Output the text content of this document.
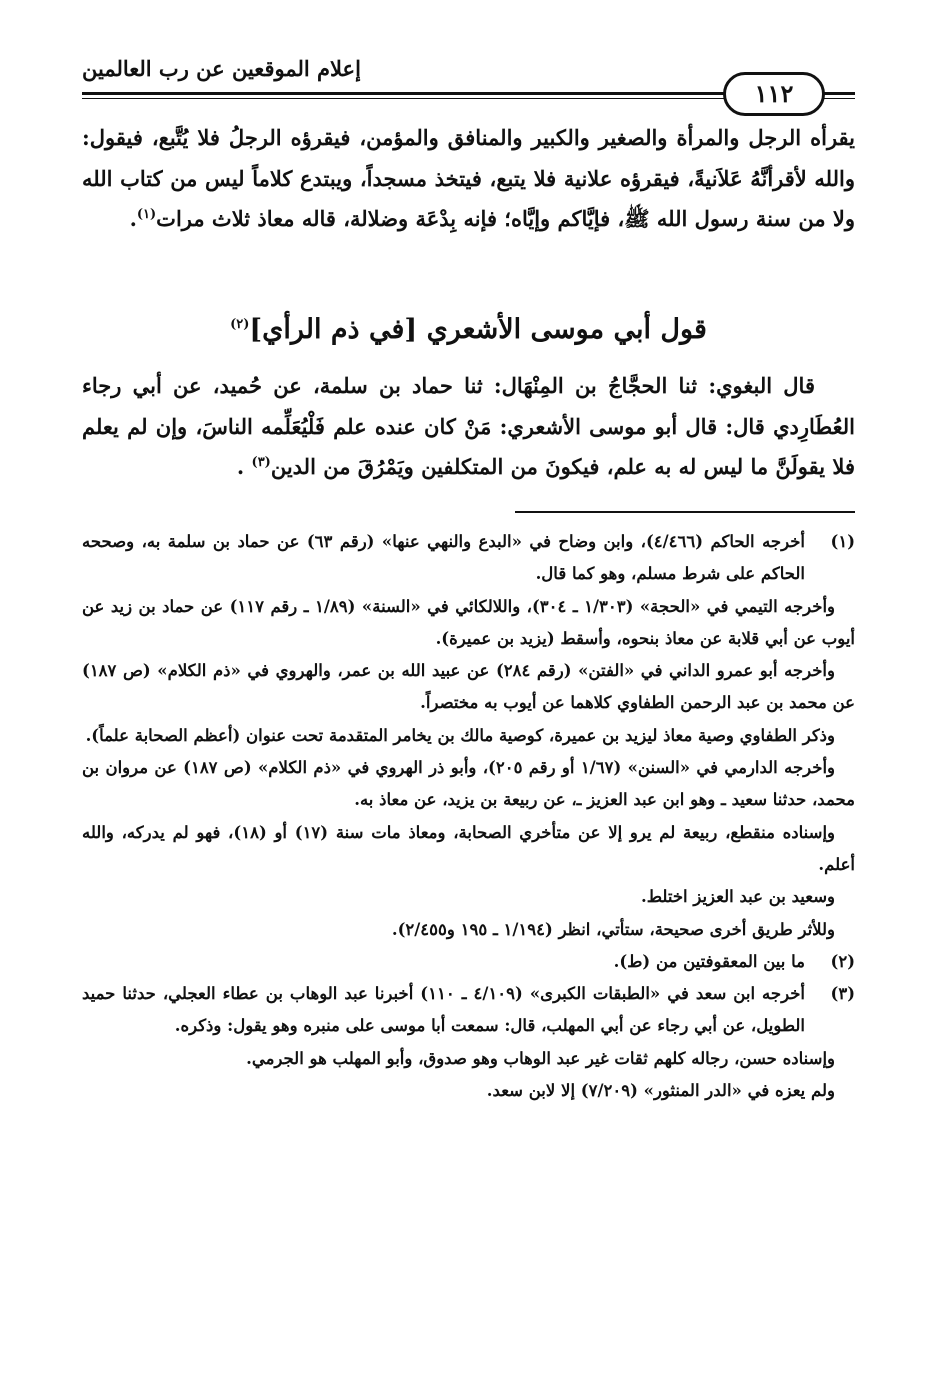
إعلام الموقعين عن رب العالمين
١١٢

يقرأه الرجل والمرأة والصغير والكبير والمنافق والمؤمن، فيقرؤه الرجلُ فلا يُتَّبع، فيقول: والله لأقرأنَّهُ عَلاَنيةً، فيقرؤه علانية فلا يتبع، فيتخذ مسجداً، ويبتدع كلاماً ليس من كتاب الله ولا من سنة رسول الله ﷺ، فإيَّاكم وإيَّاه؛ فإنه بِدْعَة وضلالة، قاله معاذ ثلاث مرات$^{(١)}$.

قول أبي موسى الأشعري [في ذم الرأي]$^{(٢)}$

قال البغوي: ثنا الحجَّاجُ بن المِنْهَال: ثنا حماد بن سلمة، عن حُميد، عن أبي رجاء العُطَارِدي قال: قال أبو موسى الأشعري: مَنْ كان عنده علم فَلْيُعَلِّمه الناسَ، وإن لم يعلم فلا يقولَنَّ ما ليس له به علم، فيكونَ من المتكلفين ويَمْرُقَ من الدين$^{(٣)}$ .

(١)

أخرجه الحاكم (٤/٤٦٦)، وابن وضاح في «البدع والنهي عنها» (رقم ٦٣) عن حماد بن سلمة به، وصححه الحاكم على شرط مسلم، وهو كما قال.

وأخرجه التيمي في «الحجة» (١/٣٠٣ ـ ٣٠٤)، واللالكائي في «السنة» (١/٨٩ ـ رقم ١١٧) عن حماد بن زيد عن أيوب عن أبي قلابة عن معاذ بنحوه، وأسقط (يزيد بن عميرة).

وأخرجه أبو عمرو الداني في «الفتن» (رقم ٢٨٤) عن عبيد الله بن عمر، والهروي في «ذم الكلام» (ص ١٨٧) عن محمد بن عبد الرحمن الطفاوي كلاهما عن أيوب به مختصراً.

وذكر الطفاوي وصية معاذ ليزيد بن عميرة، كوصية مالك بن يخامر المتقدمة تحت عنوان (أعظم الصحابة علماً).

وأخرجه الدارمي في «السنن» (١/٦٧ أو رقم ٢٠٥)، وأبو ذر الهروي في «ذم الكلام» (ص ١٨٧) عن مروان بن محمد، حدثنا سعيد ـ وهو ابن عبد العزيز ـ، عن ربيعة بن يزيد، عن معاذ به.

وإسناده منقطع، ربيعة لم يرو إلا عن متأخري الصحابة، ومعاذ مات سنة (١٧) أو (١٨)، فهو لم يدركه، والله أعلم.

وسعيد بن عبد العزيز اختلط.

وللأثر طريق أخرى صحيحة، ستأتي، انظر (١/١٩٤ ـ ١٩٥ و٢/٤٥٥).

(٢)

ما بين المعقوفتين من (ط).

(٣)

أخرجه ابن سعد في «الطبقات الكبرى» (٤/١٠٩ ـ ١١٠) أخبرنا عبد الوهاب بن عطاء العجلي، حدثنا حميد الطويل، عن أبي رجاء عن أبي المهلب، قال: سمعت أبا موسى على منبره وهو يقول: وذكره.

وإسناده حسن، رجاله كلهم ثقات غير عبد الوهاب وهو صدوق، وأبو المهلب هو الجرمي.

ولم يعزه في «الدر المنثور» (٧/٢٠٩) إلا لابن سعد.
